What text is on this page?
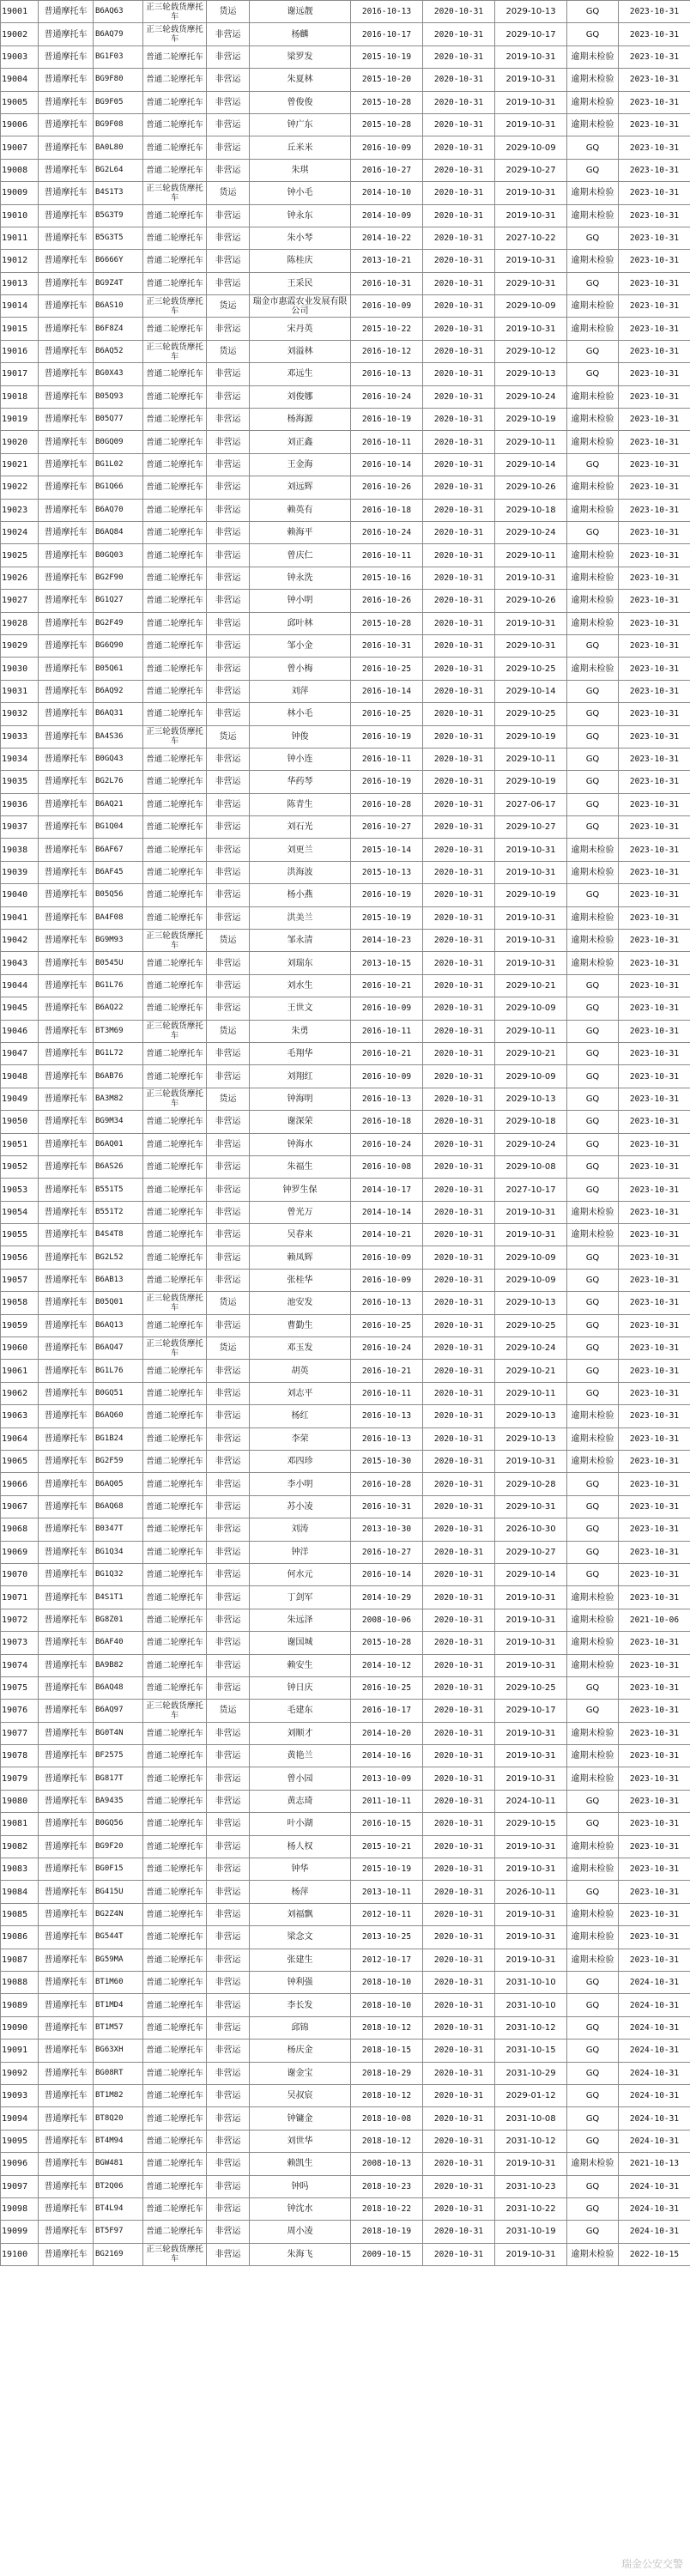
19001	普通摩托车	B6AQ63	正三轮载货摩托车	货运	谢远靓	2016-10-13	2020-10-31	2029-10-13	GQ	2023-10-31
19002	普通摩托车	B6AQ79	正三轮载货摩托车	非营运	杨麟	2016-10-17	2020-10-31	2029-10-17	GQ	2023-10-31
19003	普通摩托车	BG1F03	普通二轮摩托车	非营运	梁罗发	2015-10-19	2020-10-31	2019-10-31	逾期未检验	2023-10-31
19004	普通摩托车	BG9F80	普通二轮摩托车	非营运	朱夏林	2015-10-20	2020-10-31	2019-10-31	逾期未检验	2023-10-31
19005	普通摩托车	BG9F05	普通二轮摩托车	非营运	曾俊俊	2015-10-28	2020-10-31	2019-10-31	逾期未检验	2023-10-31
19006	普通摩托车	BG9F08	普通二轮摩托车	非营运	钟广东	2015-10-28	2020-10-31	2019-10-31	逾期未检验	2023-10-31
19007	普通摩托车	BA0L80	普通二轮摩托车	非营运	丘米米	2016-10-09	2020-10-31	2029-10-09	GQ	2023-10-31
19008	普通摩托车	BG2L64	普通二轮摩托车	非营运	朱琪	2016-10-27	2020-10-31	2029-10-27	GQ	2023-10-31
19009	普通摩托车	B4S1T3	正三轮载货摩托车	货运	钟小毛	2014-10-10	2020-10-31	2019-10-31	逾期未检验	2023-10-31
19010	普通摩托车	B5G3T9	普通二轮摩托车	非营运	钟永东	2014-10-09	2020-10-31	2019-10-31	逾期未检验	2023-10-31
19011	普通摩托车	B5G3T5	普通二轮摩托车	非营运	朱小琴	2014-10-22	2020-10-31	2027-10-22	GQ	2023-10-31
19012	普通摩托车	B6666Y	普通二轮摩托车	非营运	陈桂庆	2013-10-21	2020-10-31	2019-10-31	逾期未检验	2023-10-31
19013	普通摩托车	BG9Z4T	普通二轮摩托车	非营运	王采民	2016-10-31	2020-10-31	2029-10-31	GQ	2023-10-31
19014	普通摩托车	B6AS10	正三轮载货摩托车	货运	瑞金市惠霞农业发展有限公司	2016-10-09	2020-10-31	2029-10-09	逾期未检验	2023-10-31
19015	普通摩托车	B6F8Z4	普通二轮摩托车	非营运	宋丹英	2015-10-22	2020-10-31	2019-10-31	逾期未检验	2023-10-31
19016	普通摩托车	B6AQ52	正三轮载货摩托车	货运	刘溢林	2016-10-12	2020-10-31	2029-10-12	GQ	2023-10-31
19017	普通摩托车	BG0X43	普通二轮摩托车	非营运	邓远生	2016-10-13	2020-10-31	2029-10-13	GQ	2023-10-31
19018	普通摩托车	B05Q93	普通二轮摩托车	非营运	刘俊娜	2016-10-24	2020-10-31	2029-10-24	逾期未检验	2023-10-31
19019	普通摩托车	B05Q77	普通二轮摩托车	非营运	杨海源	2016-10-19	2020-10-31	2029-10-19	逾期未检验	2023-10-31
19020	普通摩托车	B0GQ09	普通二轮摩托车	非营运	刘正鑫	2016-10-11	2020-10-31	2029-10-11	逾期未检验	2023-10-31
19021	普通摩托车	BG1L02	普通二轮摩托车	非营运	王金海	2016-10-14	2020-10-31	2029-10-14	GQ	2023-10-31
19022	普通摩托车	BG1Q66	普通二轮摩托车	非营运	刘远辉	2016-10-26	2020-10-31	2029-10-26	逾期未检验	2023-10-31
19023	普通摩托车	B6AQ70	普通二轮摩托车	非营运	赖英有	2016-10-18	2020-10-31	2029-10-18	逾期未检验	2023-10-31
19024	普通摩托车	B6AQ84	普通二轮摩托车	非营运	赖海平	2016-10-24	2020-10-31	2029-10-24	GQ	2023-10-31
19025	普通摩托车	B0GQ03	普通二轮摩托车	非营运	曾庆仁	2016-10-11	2020-10-31	2029-10-11	逾期未检验	2023-10-31
19026	普通摩托车	BG2F90	普通二轮摩托车	非营运	钟永洗	2015-10-16	2020-10-31	2019-10-31	逾期未检验	2023-10-31
19027	普通摩托车	BG1Q27	普通二轮摩托车	非营运	钟小明	2016-10-26	2020-10-31	2029-10-26	逾期未检验	2023-10-31
19028	普通摩托车	BG2F49	普通二轮摩托车	非营运	邱叶林	2015-10-28	2020-10-31	2019-10-31	逾期未检验	2023-10-31
19029	普通摩托车	BG6Q90	普通二轮摩托车	非营运	邹小金	2016-10-31	2020-10-31	2029-10-31	GQ	2023-10-31
19030	普通摩托车	B05Q61	普通二轮摩托车	非营运	曾小梅	2016-10-25	2020-10-31	2029-10-25	逾期未检验	2023-10-31
19031	普通摩托车	B6AQ92	普通二轮摩托车	非营运	刘萍	2016-10-14	2020-10-31	2029-10-14	GQ	2023-10-31
19032	普通摩托车	B6AQ31	普通二轮摩托车	非营运	林小毛	2016-10-25	2020-10-31	2029-10-25	GQ	2023-10-31
19033	普通摩托车	BA4S36	正三轮载货摩托车	货运	钟俊	2016-10-19	2020-10-31	2029-10-19	GQ	2023-10-31
19034	普通摩托车	B0GQ43	普通二轮摩托车	非营运	钟小连	2016-10-11	2020-10-31	2029-10-11	GQ	2023-10-31
19035	普通摩托车	BG2L76	普通二轮摩托车	非营运	华药琴	2016-10-19	2020-10-31	2029-10-19	GQ	2023-10-31
19036	普通摩托车	B6AQ21	普通二轮摩托车	非营运	陈青生	2016-10-28	2020-10-31	2027-06-17	GQ	2023-10-31
19037	普通摩托车	BG1Q04	普通二轮摩托车	非营运	刘石光	2016-10-27	2020-10-31	2029-10-27	GQ	2023-10-31
19038	普通摩托车	B6AF67	普通二轮摩托车	非营运	刘更兰	2015-10-14	2020-10-31	2019-10-31	逾期未检验	2023-10-31
19039	普通摩托车	B6AF45	普通二轮摩托车	非营运	洪海波	2015-10-13	2020-10-31	2019-10-31	逾期未检验	2023-10-31
19040	普通摩托车	B05Q56	普通二轮摩托车	非营运	杨小燕	2016-10-19	2020-10-31	2029-10-19	GQ	2023-10-31
19041	普通摩托车	BA4F08	普通二轮摩托车	非营运	洪美兰	2015-10-19	2020-10-31	2019-10-31	逾期未检验	2023-10-31
19042	普通摩托车	BG9M93	正三轮载货摩托车	货运	邹永清	2014-10-23	2020-10-31	2019-10-31	逾期未检验	2023-10-31
19043	普通摩托车	B0545U	普通二轮摩托车	非营运	刘瑞东	2013-10-15	2020-10-31	2019-10-31	逾期未检验	2023-10-31
19044	普通摩托车	BG1L76	普通二轮摩托车	非营运	刘水生	2016-10-21	2020-10-31	2029-10-21	GQ	2023-10-31
19045	普通摩托车	B6AQ22	普通二轮摩托车	非营运	王世文	2016-10-09	2020-10-31	2029-10-09	GQ	2023-10-31
19046	普通摩托车	BT3M69	正三轮载货摩托车	货运	朱勇	2016-10-11	2020-10-31	2029-10-11	GQ	2023-10-31
19047	普通摩托车	BG1L72	普通二轮摩托车	非营运	毛翔华	2016-10-21	2020-10-31	2029-10-21	GQ	2023-10-31
19048	普通摩托车	B6AB76	普通二轮摩托车	非营运	刘翔红	2016-10-09	2020-10-31	2029-10-09	GQ	2023-10-31
19049	普通摩托车	BA3M82	正三轮载货摩托车	货运	钟海明	2016-10-13	2020-10-31	2029-10-13	GQ	2023-10-31
19050	普通摩托车	BG9M34	普通二轮摩托车	非营运	谢深荣	2016-10-18	2020-10-31	2029-10-18	GQ	2023-10-31
19051	普通摩托车	B6AQ01	普通二轮摩托车	非营运	钟海水	2016-10-24	2020-10-31	2029-10-24	GQ	2023-10-31
19052	普通摩托车	B6AS26	普通二轮摩托车	非营运	朱福生	2016-10-08	2020-10-31	2029-10-08	GQ	2023-10-31
19053	普通摩托车	B551T5	普通二轮摩托车	非营运	钟罗生保	2014-10-17	2020-10-31	2027-10-17	GQ	2023-10-31
19054	普通摩托车	B551T2	普通二轮摩托车	非营运	曾光万	2014-10-14	2020-10-31	2019-10-31	逾期未检验	2023-10-31
19055	普通摩托车	B4S4T8	普通二轮摩托车	非营运	吴春来	2014-10-21	2020-10-31	2019-10-31	逾期未检验	2023-10-31
19056	普通摩托车	BG2L52	普通二轮摩托车	非营运	赖凤辉	2016-10-09	2020-10-31	2029-10-09	GQ	2023-10-31
19057	普通摩托车	B6AB13	普通二轮摩托车	非营运	张桂华	2016-10-09	2020-10-31	2029-10-09	GQ	2023-10-31
19058	普通摩托车	B05Q01	正三轮载货摩托车	货运	池安发	2016-10-13	2020-10-31	2029-10-13	GQ	2023-10-31
19059	普通摩托车	B6AQ13	普通二轮摩托车	非营运	曹勤生	2016-10-25	2020-10-31	2029-10-25	GQ	2023-10-31
19060	普通摩托车	B6AQ47	正三轮载货摩托车	货运	邓玉发	2016-10-24	2020-10-31	2029-10-24	GQ	2023-10-31
19061	普通摩托车	BG1L76	普通二轮摩托车	非营运	胡英	2016-10-21	2020-10-31	2029-10-21	GQ	2023-10-31
19062	普通摩托车	B0GQ51	普通二轮摩托车	非营运	刘志平	2016-10-11	2020-10-31	2029-10-11	GQ	2023-10-31
19063	普通摩托车	B6AQ60	普通二轮摩托车	非营运	杨红	2016-10-13	2020-10-31	2029-10-13	逾期未检验	2023-10-31
19064	普通摩托车	BG1B24	普通二轮摩托车	非营运	李荣	2016-10-13	2020-10-31	2029-10-13	逾期未检验	2023-10-31
19065	普通摩托车	BG2F59	普通二轮摩托车	非营运	邓四珍	2015-10-30	2020-10-31	2019-10-31	逾期未检验	2023-10-31
19066	普通摩托车	B6AQ05	普通二轮摩托车	非营运	李小明	2016-10-28	2020-10-31	2029-10-28	GQ	2023-10-31
19067	普通摩托车	B6AQ68	普通二轮摩托车	非营运	苏小凌	2016-10-31	2020-10-31	2029-10-31	GQ	2023-10-31
19068	普通摩托车	B0347T	普通二轮摩托车	非营运	刘涛	2013-10-30	2020-10-31	2026-10-30	GQ	2023-10-31
19069	普通摩托车	BG1Q34	普通二轮摩托车	非营运	钟洋	2016-10-27	2020-10-31	2029-10-27	GQ	2023-10-31
19070	普通摩托车	BG1Q32	普通二轮摩托车	非营运	何水元	2016-10-14	2020-10-31	2029-10-14	GQ	2023-10-31
19071	普通摩托车	B4S1T1	普通二轮摩托车	非营运	丁剑军	2014-10-29	2020-10-31	2019-10-31	逾期未检验	2023-10-31
19072	普通摩托车	BG8Z01	普通二轮摩托车	非营运	朱远泽	2008-10-06	2020-10-31	2019-10-31	逾期未检验	2021-10-06
19073	普通摩托车	B6AF40	普通二轮摩托车	非营运	谢国城	2015-10-28	2020-10-31	2019-10-31	逾期未检验	2023-10-31
19074	普通摩托车	BA9B82	普通二轮摩托车	非营运	赖安生	2014-10-12	2020-10-31	2019-10-31	逾期未检验	2023-10-31
19075	普通摩托车	B6AQ48	普通二轮摩托车	非营运	钟日庆	2016-10-25	2020-10-31	2029-10-25	GQ	2023-10-31
19076	普通摩托车	B6AQ97	正三轮载货摩托车	货运	毛建东	2016-10-17	2020-10-31	2029-10-17	GQ	2023-10-31
19077	普通摩托车	BG0T4N	普通二轮摩托车	非营运	刘顺才	2014-10-20	2020-10-31	2019-10-31	逾期未检验	2023-10-31
19078	普通摩托车	BF2575	普通二轮摩托车	非营运	黄艳兰	2014-10-16	2020-10-31	2019-10-31	逾期未检验	2023-10-31
19079	普通摩托车	BG817T	普通二轮摩托车	非营运	曾小园	2013-10-09	2020-10-31	2019-10-31	逾期未检验	2023-10-31
19080	普通摩托车	BA9435	普通二轮摩托车	非营运	黄志琦	2011-10-11	2020-10-31	2024-10-11	GQ	2023-10-31
19081	普通摩托车	B0GQ56	普通二轮摩托车	非营运	叶小湖	2016-10-15	2020-10-31	2029-10-15	GQ	2023-10-31
19082	普通摩托车	BG9F20	普通二轮摩托车	非营运	杨人权	2015-10-21	2020-10-31	2019-10-31	逾期未检验	2023-10-31
19083	普通摩托车	BG0F15	普通二轮摩托车	非营运	钟华	2015-10-19	2020-10-31	2019-10-31	逾期未检验	2023-10-31
19084	普通摩托车	BG415U	普通二轮摩托车	非营运	杨萍	2013-10-11	2020-10-31	2026-10-11	GQ	2023-10-31
19085	普通摩托车	BG2Z4N	普通二轮摩托车	非营运	刘福飘	2012-10-11	2020-10-31	2019-10-31	逾期未检验	2023-10-31
19086	普通摩托车	BG544T	普通二轮摩托车	非营运	梁念文	2013-10-25	2020-10-31	2019-10-31	逾期未检验	2023-10-31
19087	普通摩托车	BG59MA	普通二轮摩托车	非营运	张建生	2012-10-17	2020-10-31	2019-10-31	逾期未检验	2023-10-31
19088	普通摩托车	BT1M60	普通二轮摩托车	非营运	钟利强	2018-10-10	2020-10-31	2031-10-10	GQ	2024-10-31
19089	普通摩托车	BT1MD4	普通二轮摩托车	非营运	李长发	2018-10-10	2020-10-31	2031-10-10	GQ	2024-10-31
19090	普通摩托车	BT1M57	普通二轮摩托车	非营运	邱锦	2018-10-12	2020-10-31	2031-10-12	GQ	2024-10-31
19091	普通摩托车	BG63XH	普通二轮摩托车	非营运	杨庆金	2018-10-15	2020-10-31	2031-10-15	GQ	2024-10-31
19092	普通摩托车	BG08RT	普通二轮摩托车	非营运	谢金宝	2018-10-29	2020-10-31	2031-10-29	GQ	2024-10-31
19093	普通摩托车	BT1M82	普通二轮摩托车	非营运	吴叔宸	2018-10-12	2020-10-31	2029-01-12	GQ	2024-10-31
19094	普通摩托车	BT8Q20	普通二轮摩托车	非营运	钟镛金	2018-10-08	2020-10-31	2031-10-08	GQ	2024-10-31
19095	普通摩托车	BT4M94	普通二轮摩托车	非营运	刘世华	2018-10-12	2020-10-31	2031-10-12	GQ	2024-10-31
19096	普通摩托车	BGW481	普通二轮摩托车	非营运	赖凯生	2008-10-13	2020-10-31	2019-10-31	逾期未检验	2021-10-13
19097	普通摩托车	BT2Q06	普通二轮摩托车	非营运	钟吗	2018-10-23	2020-10-31	2031-10-23	GQ	2024-10-31
19098	普通摩托车	BT4L94	普通二轮摩托车	非营运	钟沈水	2018-10-22	2020-10-31	2031-10-22	GQ	2024-10-31
19099	普通摩托车	BT5F97	普通二轮摩托车	非营运	周小凌	2018-10-19	2020-10-31	2031-10-19	GQ	2024-10-31
19100	普通摩托车	BG2169	正三轮载货摩托车	非营运	朱海飞	2009-10-15	2020-10-31	2019-10-31	逾期未检验	2022-10-15
瑞金公安交警
